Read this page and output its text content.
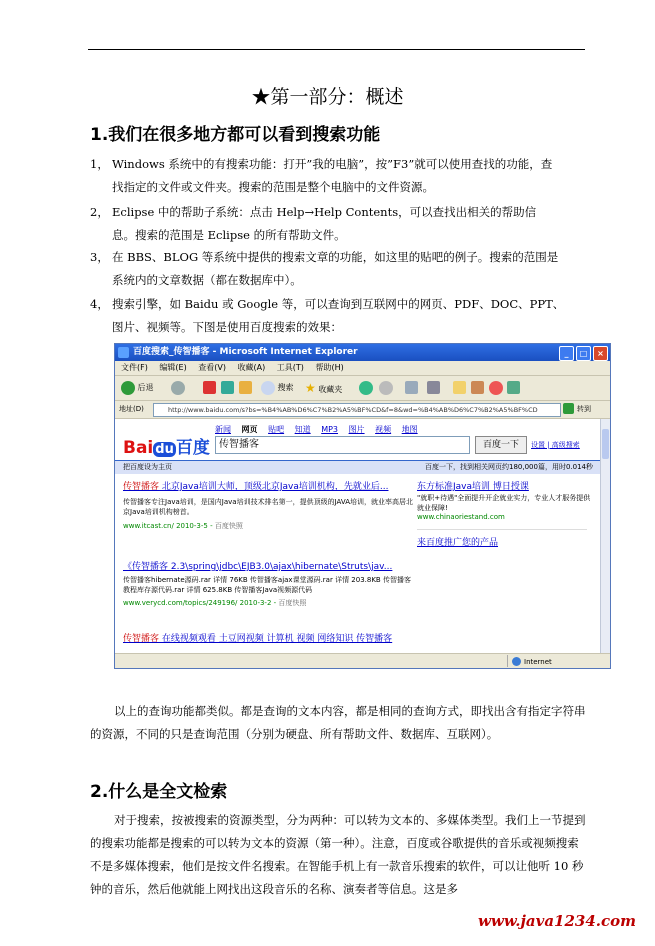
★第一部分：概述
1.我们在很多地方都可以看到搜索功能
1， Windows 系统中的有搜索功能：打开”我的电脑”，按”F3”就可以使用查找的功能，查
找指定的文件或文件夹。搜索的范围是整个电脑中的文件资源。
2， Eclipse 中的帮助子系统：点击 Help→Help Contents，可以查找出相关的帮助信
息。搜索的范围是 Eclipse 的所有帮助文件。
3， 在 BBS、BLOG 等系统中提供的搜索文章的功能，如这里的贴吧的例子。搜索的范围是
系统内的文章数据（都在数据库中）。
4， 搜索引擎，如 Baidu 或 Google 等，可以查询到互联网中的网页、PDF、DOC、PPT、
图片、视频等。下图是使用百度搜索的效果：
百度搜索_传智播客 - Microsoft Internet Explorer	_ □ ×
文件(F) 编辑(E) 查看(V) 收藏(A) 工具(T) 帮助(H)
后退	搜索 ★ 收藏夹
地址(D)	http://www.baidu.com/s?bs=%B4%AB%D6%C7%B2%A5%BF%CD&f=8&wd=%B4%AB%D6%C7%B2%A5%BF%CD	转到
Bai du 百度
新闻 网页 贴吧 知道 MP3 图片 视频 地图
传智播客	百度一下	设置 | 高级搜索
把百度设为主页	百度一下，找到相关网页约180,000篇，用时0.014秒
传智播客 北京Java培训大师，顶级北京Java培训机构，先就业后...
传智播客专注Java培训，是国内Java培训技术排名第一，提供顶级的JAVA培训，就业率高居北京Java培训机构榜首。
www.itcast.cn/ 2010-3-5 - 百度快照
《传智播客 2.3\spring\jdbc\EJB3.0\ajax\hibernate\Struts\jav...
传智播客hibernate源码.rar 详情 76KB 传智播客ajax课堂源码.rar 详情 203.8KB 传智播客教程库存源代码.rar 详情 625.8KB 传智播客Java视频源代码
www.verycd.com/topics/249196/ 2010-3-2 - 百度快照
传智播客 在线视频观看 土豆网视频 计算机 视频 网络知识 传智播客
东方标准Java培训 博日授课
"就职+待遇"全面提升开企就业实力，专业人才服务提供就业保障!
www.chinaoriestand.com
来百度推广您的产品
Internet
以上的查询功能都类似。都是查询的文本内容，都是相同的查询方式，即找出含有指定字符串的资源，不同的只是查询范围（分别为硬盘、所有帮助文件、数据库、互联网）。
2.什么是全文检索
对于搜索，按被搜索的资源类型，分为两种：可以转为文本的、多媒体类型。我们上一节提到的搜索功能都是搜索的可以转为文本的资源（第一种）。注意，百度或谷歌提供的音乐或视频搜索不是多媒体搜索，他们是按文件名搜索。在智能手机上有一款音乐搜索的软件，可以让他听 10 秒钟的音乐，然后他就能上网找出这段音乐的名称、演奏者等信息。这是多
www.java1234.com
